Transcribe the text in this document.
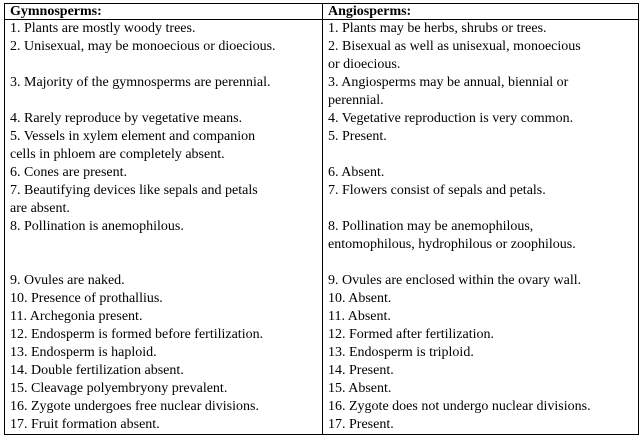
Gymnosperms:	Angiosperms:

1. Plants are mostly woody trees.	1. Plants may be herbs, shrubs or trees.

2. Unisexual, may be monoecious or dioecious.	2. Bisexual as well as unisexual, monoecious
or dioecious.

3. Majority of the gymnosperms are perennial.	3. Angiosperms may be annual, biennial or
perennial.

4. Rarely reproduce by vegetative means.	4. Vegetative reproduction is very common.

5. Vessels in xylem element and companion
cells in phloem are completely absent.	5. Present.

6. Cones are present.	6. Absent.

7. Beautifying devices like sepals and petals
are absent.	7. Flowers consist of sepals and petals.

8. Pollination is anemophilous.	8. Pollination may be anemophilous,
entomophilous, hydrophilous or zoophilous.

9. Ovules are naked.	9. Ovules are enclosed within the ovary wall.

10. Presence of prothallius.	10. Absent.

11. Archegonia present.	11. Absent.

12. Endosperm is formed before fertilization.	12. Formed after fertilization.

13. Endosperm is haploid.	13. Endosperm is triploid.

14. Double fertilization absent.	14. Present.

15. Cleavage polyembryony prevalent.	15. Absent.

16. Zygote undergoes free nuclear divisions.	16. Zygote does not undergo nuclear divisions.

17. Fruit formation absent.	17. Present.
